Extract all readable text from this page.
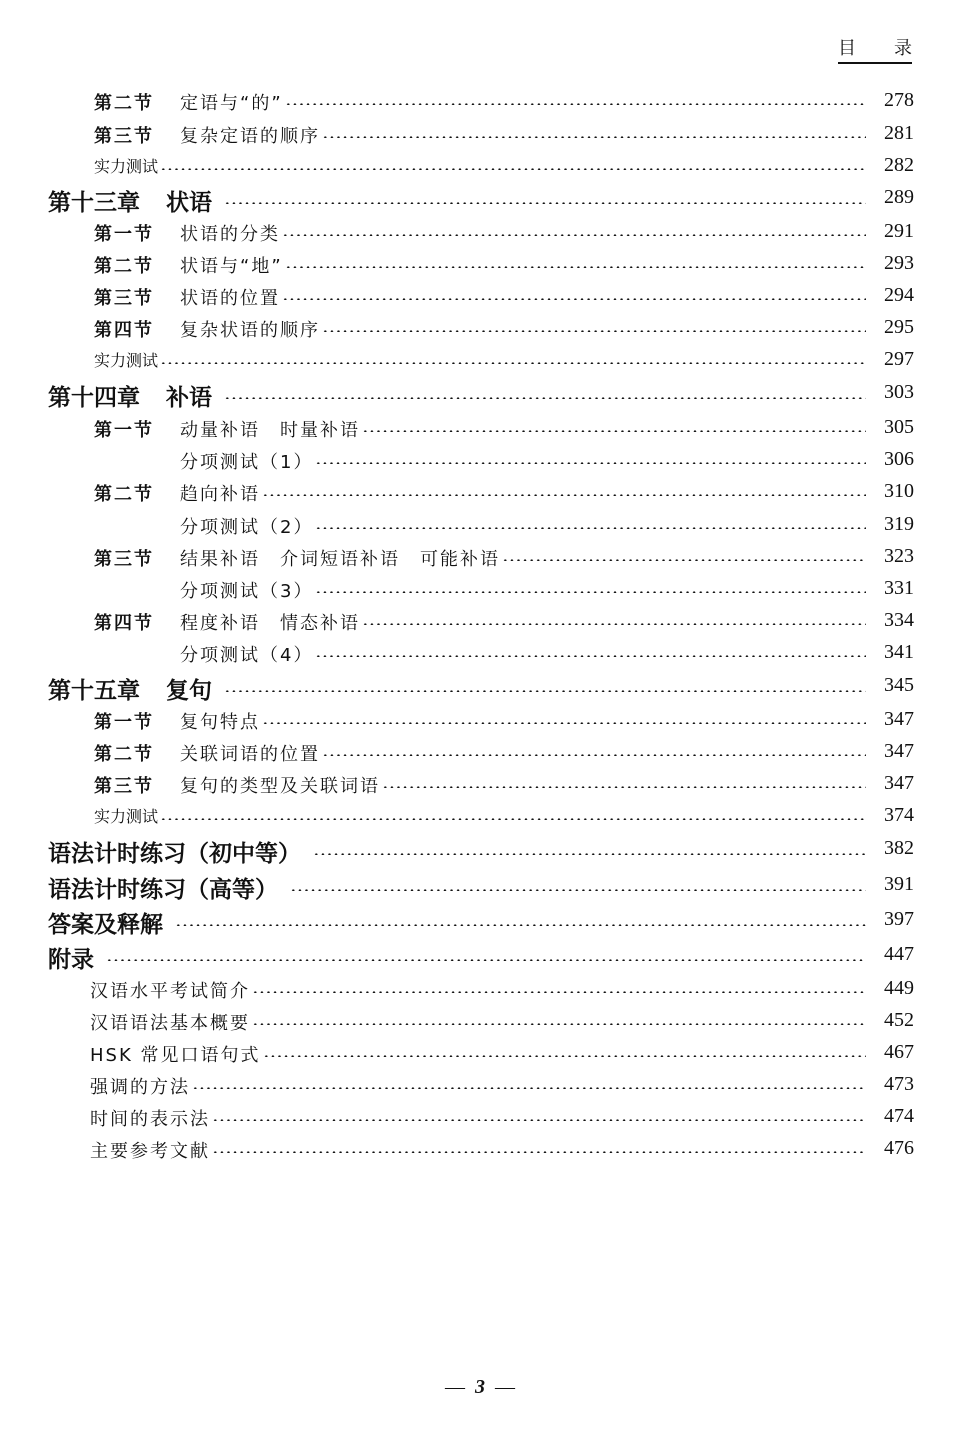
目 录
第二节 定语与“的”	278
第三节 复杂定语的顺序	281
实力测试	282
第十三章 状语	289
第一节 状语的分类	291
第二节 状语与“地”	293
第三节 状语的位置	294
第四节 复杂状语的顺序	295
实力测试	297
第十四章 补语	303
第一节 动量补语　时量补语	305
分项测试（1）	306
第二节 趋向补语	310
分项测试（2）	319
第三节 结果补语　介词短语补语　可能补语	323
分项测试（3）	331
第四节 程度补语　情态补语	334
分项测试（4）	341
第十五章 复句	345
第一节 复句特点	347
第二节 关联词语的位置	347
第三节 复句的类型及关联词语	347
实力测试	374
语法计时练习（初中等）	382
语法计时练习（高等）	391
答案及释解	397
附录	447
汉语水平考试简介	449
汉语语法基本概要	452
HSK 常见口语句式	467
强调的方法	473
时间的表示法	474
主要参考文献	476
— 3 —
